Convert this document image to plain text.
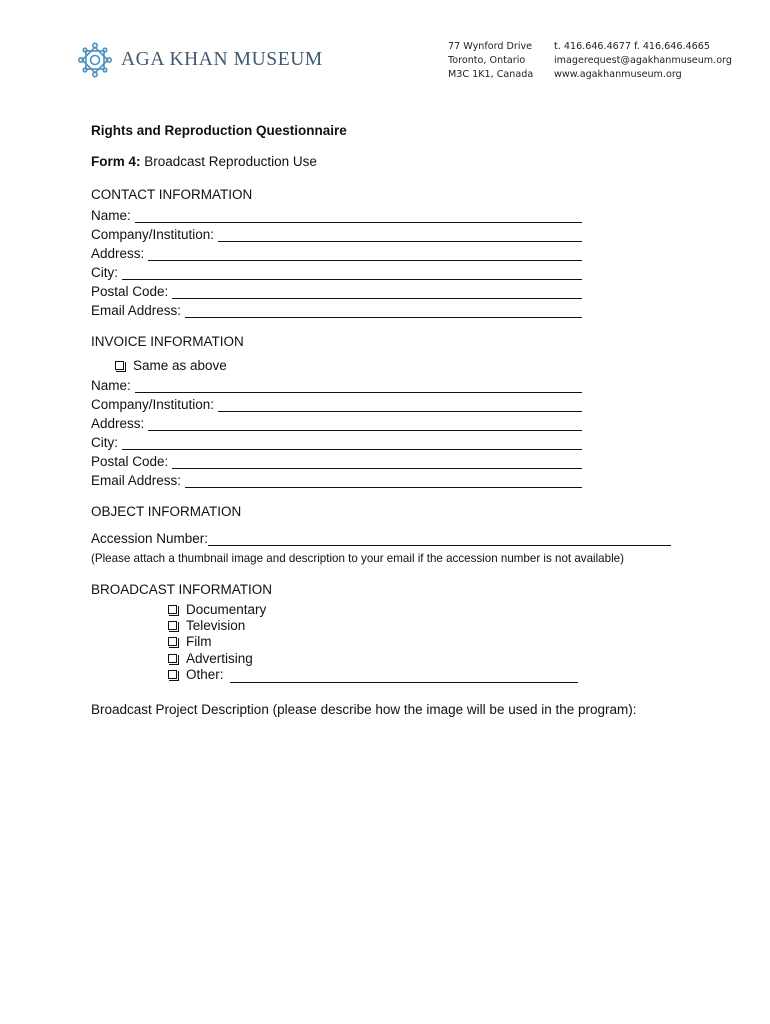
AGA KHAN MUSEUM
77 Wynford Drive
Toronto, Ontario
M3C 1K1, Canada
t. 416.646.4677 f. 416.646.4665
imagerequest@agakhanmuseum.org
www.agakhanmuseum.org
Rights and Reproduction Questionnaire
Form 4: Broadcast Reproduction Use
CONTACT INFORMATION
Name:
Company/Institution:
Address:
City:
Postal Code:
Email Address:
INVOICE INFORMATION
Same as above
Name:
Company/Institution:
Address:
City:
Postal Code:
Email Address:
OBJECT INFORMATION
Accession Number:
(Please attach a thumbnail image and description to your email if the accession number is not available)
BROADCAST INFORMATION
Documentary
Television
Film
Advertising
Other:
Broadcast Project Description (please describe how the image will be used in the program):
